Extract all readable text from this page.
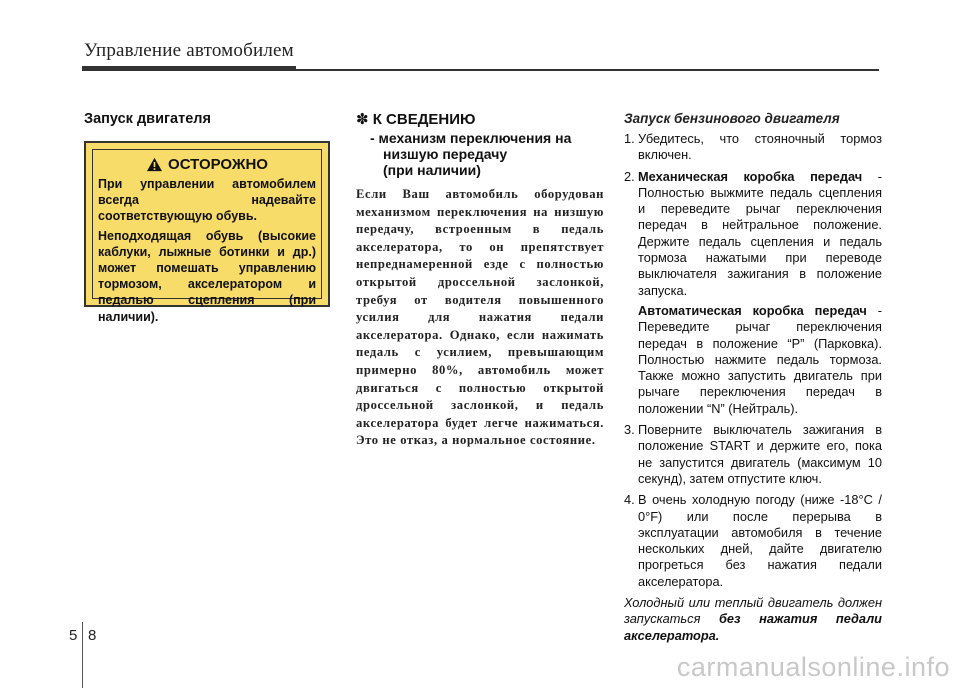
Управление автомобилем
Запуск двигателя
ОСТОРОЖНО

При управлении автомобилем всегда надевайте соответствующую обувь.

Неподходящая обувь (высокие каблуки, лыжные ботинки и др.) может помешать управлению тормозом, акселератором и педалью сцепления (при наличии).

✽ К СВЕДЕНИЮ
- механизм переключения на
низшую передачу
(при наличии)
Если Ваш автомобиль оборудован механизмом переключения на низшую передачу, встроенным в педаль акселератора, то он препятствует непреднамеренной езде с полностью открытой дроссельной заслонкой, требуя от водителя повышенного усилия для нажатия педали акселератора. Однако, если нажимать педаль с усилием, превышающим примерно 80%, автомобиль может двигаться с полностью открытой дроссельной заслонкой, и педаль акселератора будет легче нажиматься. Это не отказ, а нормальное состояние.
Запуск бензинового двигателя
1. Убедитесь, что стояночный тормоз включен.
2. Механическая коробка передач - Полностью выжмите педаль сцепления и переведите рычаг переключения передач в нейтральное положение. Держите педаль сцепления и педаль тормоза нажатыми при переводе выключателя зажигания в положение запуска.
Автоматическая коробка передач - Переведите рычаг переключения передач в положение “P” (Парковка). Полностью нажмите педаль тормоза. Также можно запустить двигатель при рычаге переключения передач в положении “N” (Нейтраль).
3. Поверните выключатель зажигания в положение START и держите его, пока не запустится двигатель (максимум 10 секунд), затем отпустите ключ.
4. В очень холодную погоду (ниже -18°C / 0°F) или после перерыва в эксплуатации автомобиля в течение нескольких дней, дайте двигателю прогреться без нажатия педали акселератора.
Холодный или теплый двигатель должен запускаться без нажатия педали акселератора.
5 8
carmanualsonline.info
